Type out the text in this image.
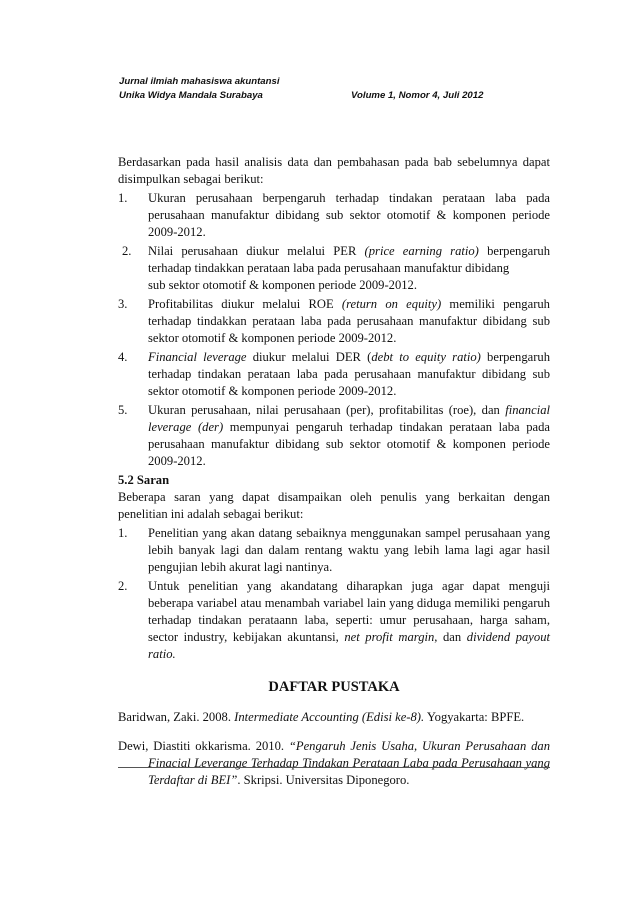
Jurnal ilmiah mahasiswa akuntansi
Unika Widya Mandala Surabaya	Volume 1, Nomor 4, Juli 2012

Berdasarkan pada hasil analisis data dan pembahasan pada bab sebelumnya dapat disimpulkan sebagai berikut:

1.	Ukuran perusahaan berpengaruh terhadap tindakan perataan laba pada perusahaan manufaktur dibidang sub sektor otomotif & komponen periode 2009-2012.
2.	Nilai perusahaan diukur melalui PER (price earning ratio) berpengaruh terhadap tindakkan perataan laba pada perusahaan manufaktur dibidang
sub sektor otomotif & komponen periode 2009-2012.
3.	Profitabilitas diukur melalui ROE (return on equity) memiliki pengaruh terhadap tindakkan perataan laba pada perusahaan manufaktur dibidang sub sektor otomotif & komponen periode 2009-2012.
4.	Financial leverage diukur melalui DER (debt to equity ratio) berpengaruh terhadap tindakan perataan laba pada perusahaan manufaktur dibidang sub sektor otomotif & komponen periode 2009-2012.
5.	Ukuran perusahaan, nilai perusahaan (per), profitabilitas (roe), dan financial leverage (der) mempunyai pengaruh terhadap tindakan perataan laba pada perusahaan manufaktur dibidang sub sektor otomotif & komponen periode 2009-2012.
5.2 Saran

Beberapa saran yang dapat disampaikan oleh penulis yang berkaitan dengan penelitian ini adalah sebagai berikut:

1.	Penelitian yang akan datang sebaiknya menggunakan sampel perusahaan yang lebih banyak lagi dan dalam rentang waktu yang lebih lama lagi agar hasil pengujian lebih akurat lagi nantinya.
2.	Untuk penelitian yang akandatang diharapkan juga agar dapat menguji beberapa variabel atau menambah variabel lain yang diduga memiliki pengaruh terhadap tindakan perataann laba, seperti: umur perusahaan, harga saham, sector industry, kebijakan akuntansi, net profit margin, dan dividend payout ratio.
DAFTAR PUSTAKA

Baridwan, Zaki. 2008. Intermediate Accounting (Edisi ke-8). Yogyakarta: BPFE.

Dewi, Diastiti okkarisma. 2010. “Pengaruh Jenis Usaha, Ukuran Perusahaan dan Finacial Leverange Terhadap Tindakan Perataan Laba pada Perusahaan yang Terdaftar di BEI”. Skripsi. Universitas Diponegoro.
